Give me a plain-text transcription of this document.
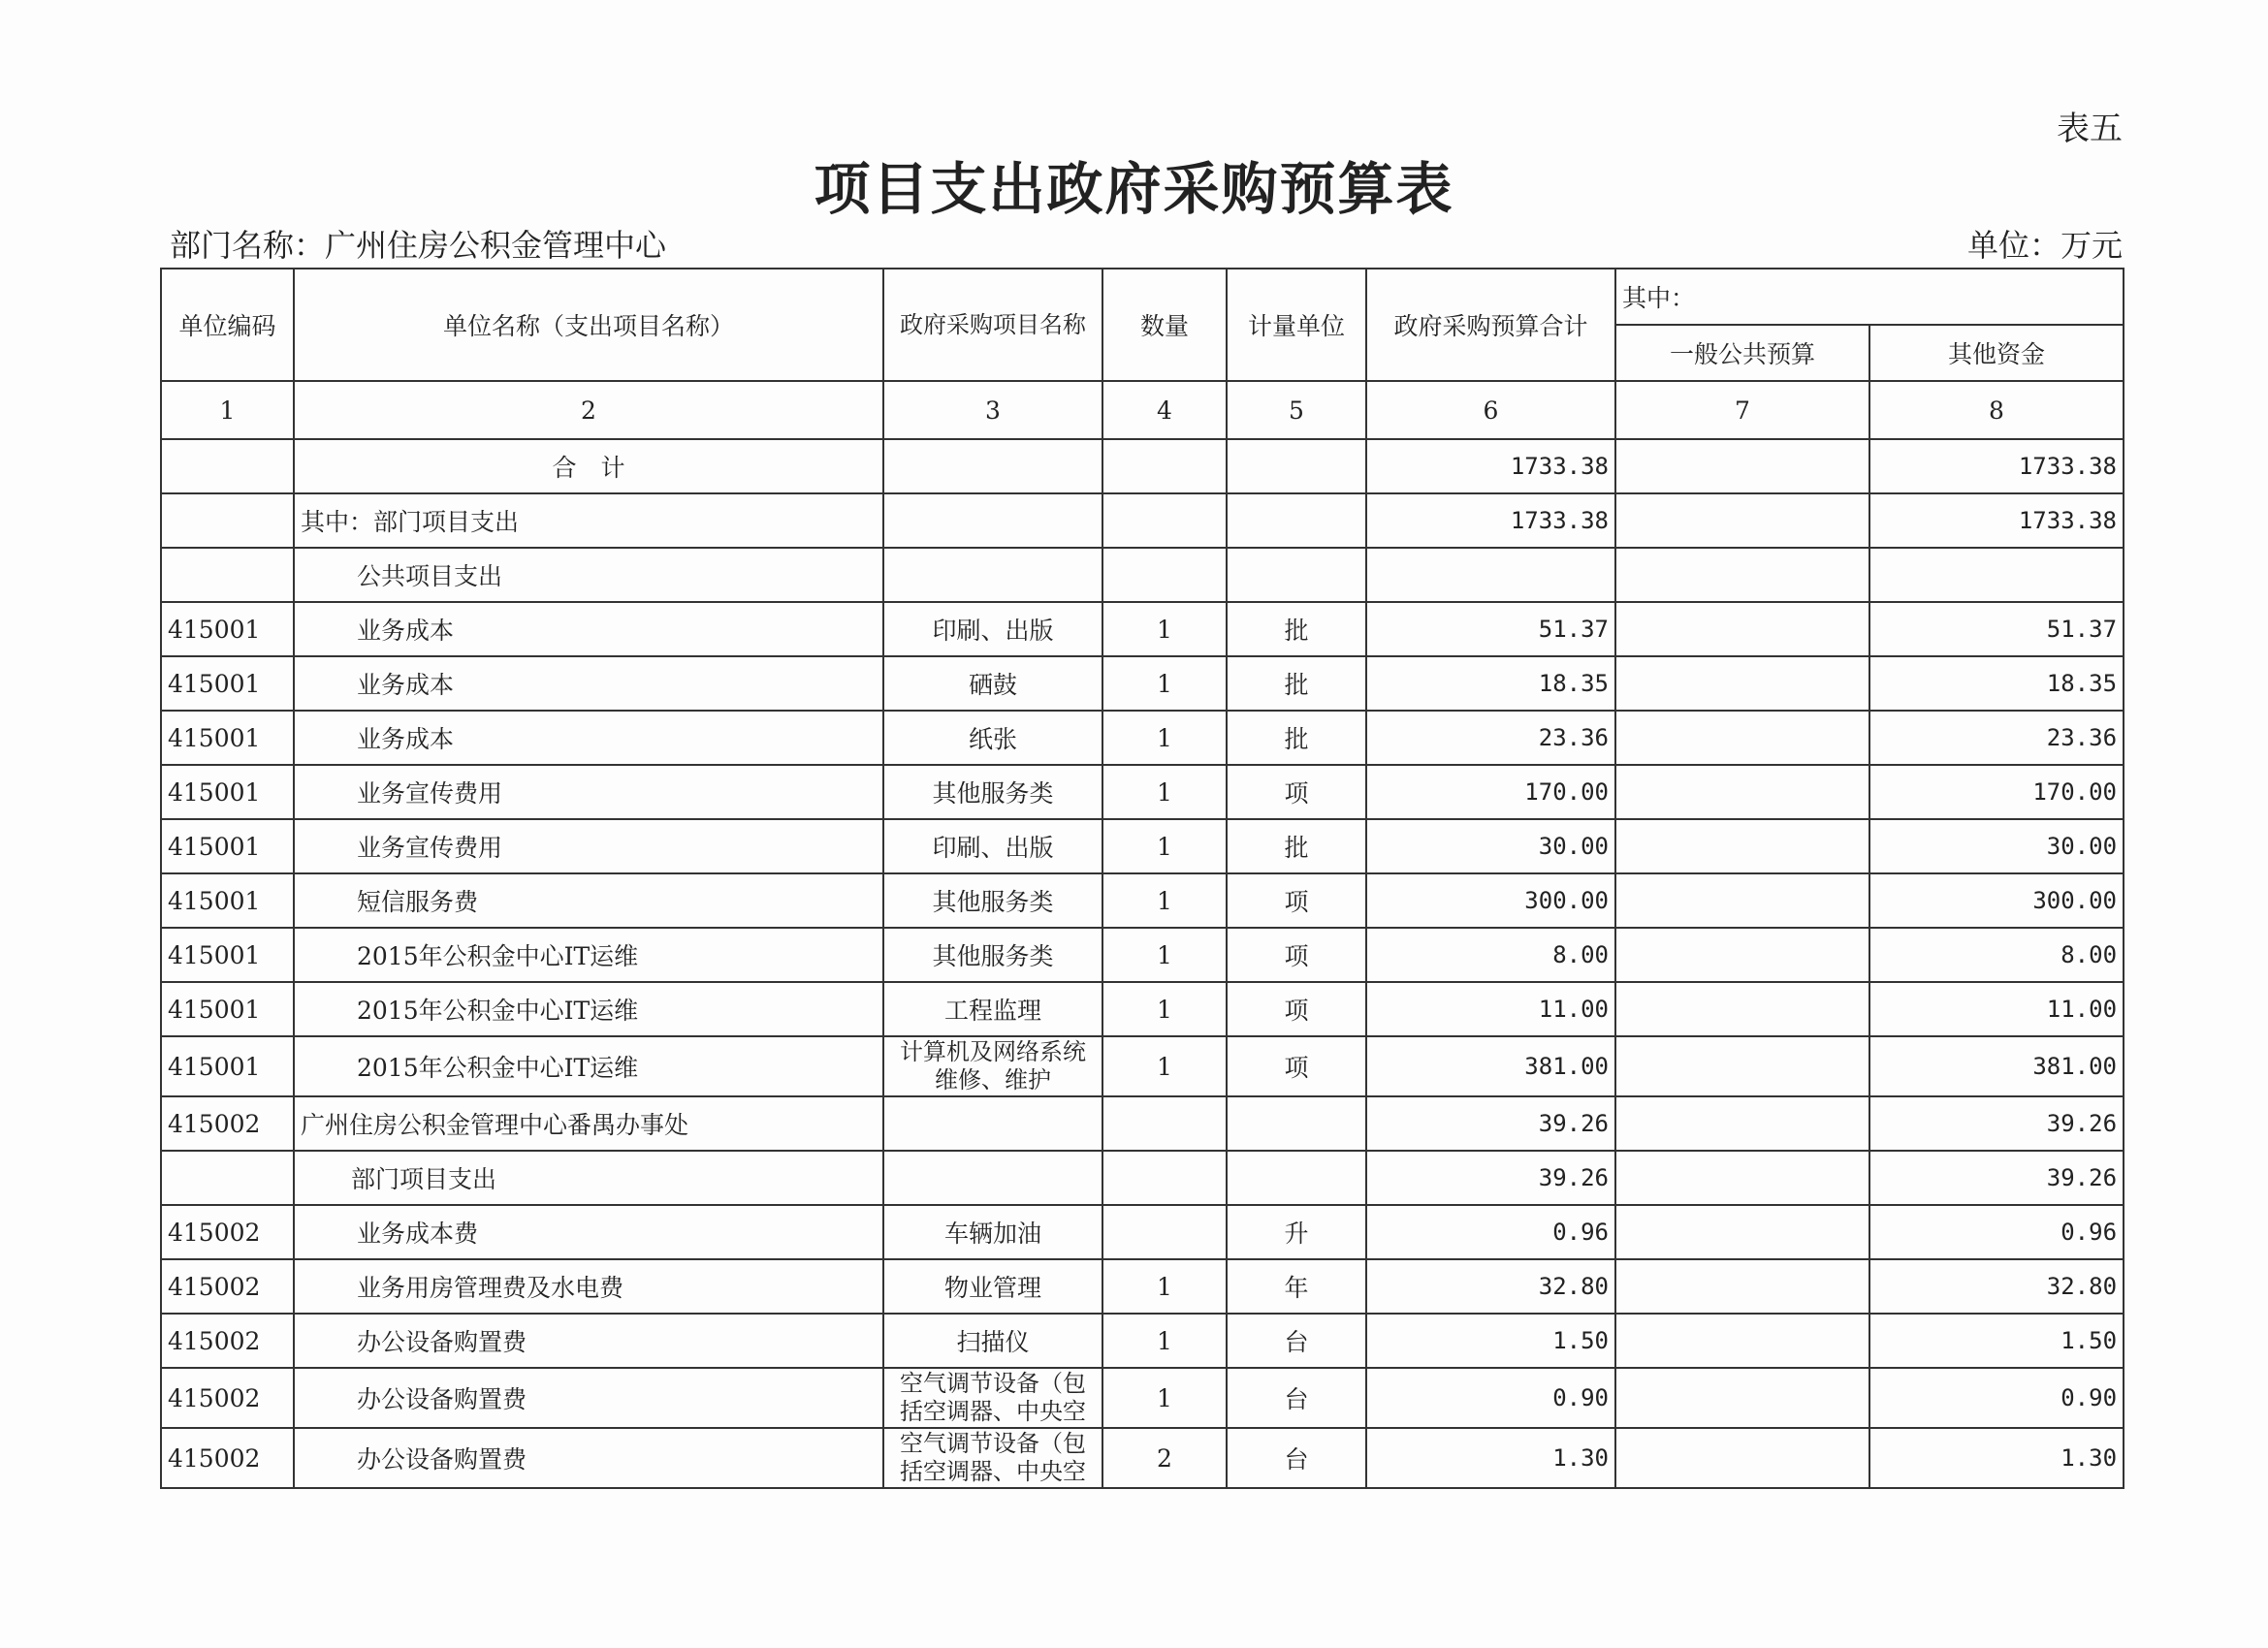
表五
项目支出政府采购预算表
部门名称：广州住房公积金管理中心	单位：万元
单位编码	单位名称（支出项目名称）	政府采购项目名称	数量	计量单位	政府采购预算合计	其中：	
						一般公共预算	其他资金
1	2	3	4	5	6	7	8
	合　计				1733.38		1733.38
	其中：部门项目支出				1733.38		1733.38
	公共项目支出						
415001	业务成本	印刷、出版	1	批	51.37		51.37
415001	业务成本	硒鼓	1	批	18.35		18.35
415001	业务成本	纸张	1	批	23.36		23.36
415001	业务宣传费用	其他服务类	1	项	170.00		170.00
415001	业务宣传费用	印刷、出版	1	批	30.00		30.00
415001	短信服务费	其他服务类	1	项	300.00		300.00
415001	2015年公积金中心IT运维	其他服务类	1	项	8.00		8.00
415001	2015年公积金中心IT运维	工程监理	1	项	11.00		11.00
415001	2015年公积金中心IT运维	计算机及网络系统维修、维护	1	项	381.00		381.00
415002	广州住房公积金管理中心番禺办事处				39.26		39.26
	部门项目支出				39.26		39.26
415002	业务成本费	车辆加油		升	0.96		0.96
415002	业务用房管理费及水电费	物业管理	1	年	32.80		32.80
415002	办公设备购置费	扫描仪	1	台	1.50		1.50
415002	办公设备购置费	空气调节设备（包括空调器、中央空	1	台	0.90		0.90
415002	办公设备购置费	空气调节设备（包括空调器、中央空	2	台	1.30		1.30
